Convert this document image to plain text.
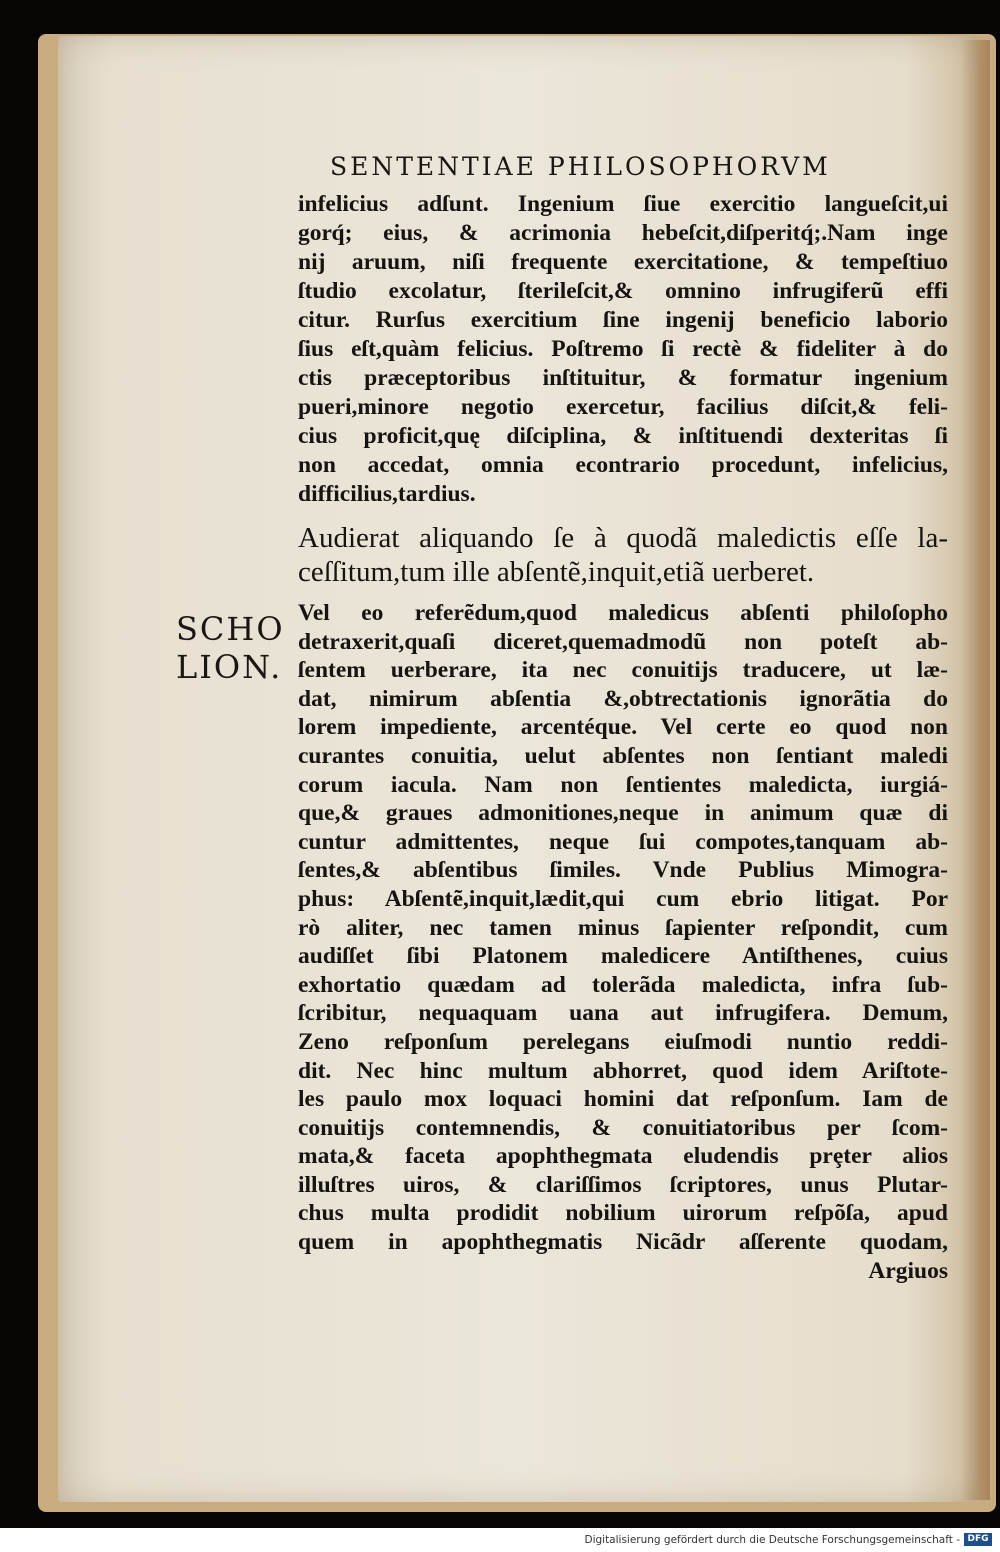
SENTENTIAE PHILOSOPHORVM
infelicius adſunt. Ingenium ſiue exercitio langueſcit,ui
gorq́; eius, & acrimonia hebeſcit,diſperitq́;.Nam inge
nij aruum, niſi frequente exercitatione, & tempeſtiuo
ſtudio excolatur, ſterileſcit,& omnino infrugiferũ effi
citur. Rurſus exercitium ſine ingenij beneficio laborio
ſius eſt,quàm felicius. Poſtremo ſi rectè & fideliter à do
ctis præceptoribus inſtituitur, & formatur ingenium
pueri,minore negotio exercetur, facilius diſcit,& feli-
cius proficit,quę diſciplina, & inſtituendi dexteritas ſi
non accedat, omnia econtrario procedunt, infelicius,
difficilius,tardius.
Audierat aliquando ſe à quodã maledictis eſſe la-
ceſſitum,tum ille abſentẽ,inquit,etiã uerberet.
Vel eo referẽdum,quod maledicus abſenti philoſopho
detraxerit,quaſi diceret,quemadmodũ non poteſt ab-
ſentem uerberare, ita nec conuitijs traducere, ut læ-
dat, nimirum abſentia &,obtrectationis ignorãtia do
lorem impediente, arcentéque. Vel certe eo quod non
curantes conuitia, uelut abſentes non ſentiant maledi
corum iacula. Nam non ſentientes maledicta, iurgiá-
que,& graues admonitiones,neque in animum quæ di
cuntur admittentes, neque ſui compotes,tanquam ab-
ſentes,& abſentibus ſimiles. Vnde Publius Mimogra-
phus: Abſentẽ,inquit,lædit,qui cum ebrio litigat. Por
rò aliter, nec tamen minus ſapienter reſpondit, cum
audiſſet ſibi Platonem maledicere Antiſthenes, cuius
exhortatio quædam ad tolerãda maledicta, infra ſub-
ſcribitur, nequaquam uana aut infrugifera. Demum,
Zeno reſponſum perelegans eiuſmodi nuntio reddi-
dit. Nec hinc multum abhorret, quod idem Ariſtote-
les paulo mox loquaci homini dat reſponſum. Iam de
conuitijs contemnendis, & conuitiatoribus per ſcom-
mata,& faceta apophthegmata eludendis prȩter alios
illuſtres uiros, & clariſſimos ſcriptores, unus Plutar-
chus multa prodidit nobilium uirorum reſpõſa, apud
quem in apophthegmatis Nicãdr aſſerente quodam,
Argiuos
SCHO
LION.
Digitalisierung gefördert durch die Deutsche Forschungsgemeinschaft - DFG
